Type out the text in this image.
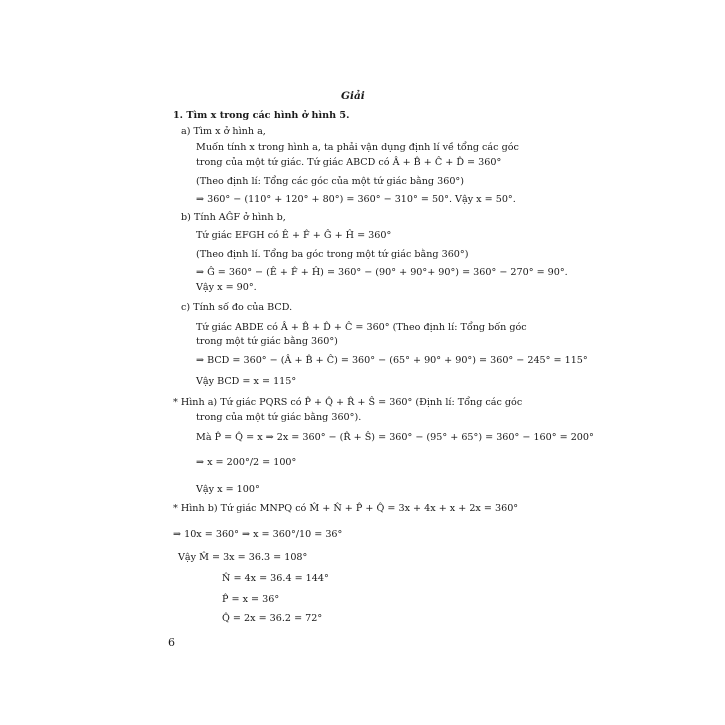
Giải
1. Tìm x trong các hình ở hình 5.
a) Tìm x ở hình a,
Muốn tính x trong hình a, ta phải vận dụng định lí về tổng các góc
trong của một tứ giác. Tứ giác ABCD có Â + B̂ + Ĉ + D̂ = 360°
(Theo định lí: Tổng các góc của một tứ giác bằng 360°)
⇒ 360° − (110° + 120° + 80°) = 360° − 310° = 50°. Vậy x = 50°.
b) Tính AĜF ở hình b,
Tứ giác EFGH có Ê + F̂ + Ĝ + Ĥ = 360°
(Theo định lí. Tổng ba góc trong một tứ giác bằng 360°)
⇒ Ĝ = 360° − (Ê + F̂ + Ĥ) = 360° − (90° + 90°+ 90°) = 360° − 270° = 90°.
Vậy x = 90°.
c) Tính số đo của BCD.
Tứ giác ABDE có Â + B̂ + D̂ + Ĉ = 360° (Theo định lí: Tổng bốn góc
trong một tứ giác bằng 360°)
⇒ BCD = 360° − (Â + B̂ + Ĉ) = 360° − (65° + 90° + 90°) = 360° − 245° = 115°
Vậy BCD = x = 115°
* Hình a) Tứ giác PQRS có P̂ + Q̂ + R̂ + Ŝ = 360° (Định lí: Tổng các góc
trong của một tứ giác bằng 360°).
Mà P̂ = Q̂ = x ⇒ 2x = 360° − (R̂ + Ŝ) = 360° − (95° + 65°) = 360° − 160° = 200°
⇒ x = 200°/2 = 100°
Vậy x = 100°
* Hình b) Tứ giác MNPQ có M̂ + N̂ + P̂ + Q̂ = 3x + 4x + x + 2x = 360°
⇒ 10x = 360° ⇒ x = 360°/10 = 36°
Vậy M̂ = 3x = 36.3 = 108°
N̂ = 4x = 36.4 = 144°
P̂ = x = 36°
Q̂ = 2x = 36.2 = 72°
6
